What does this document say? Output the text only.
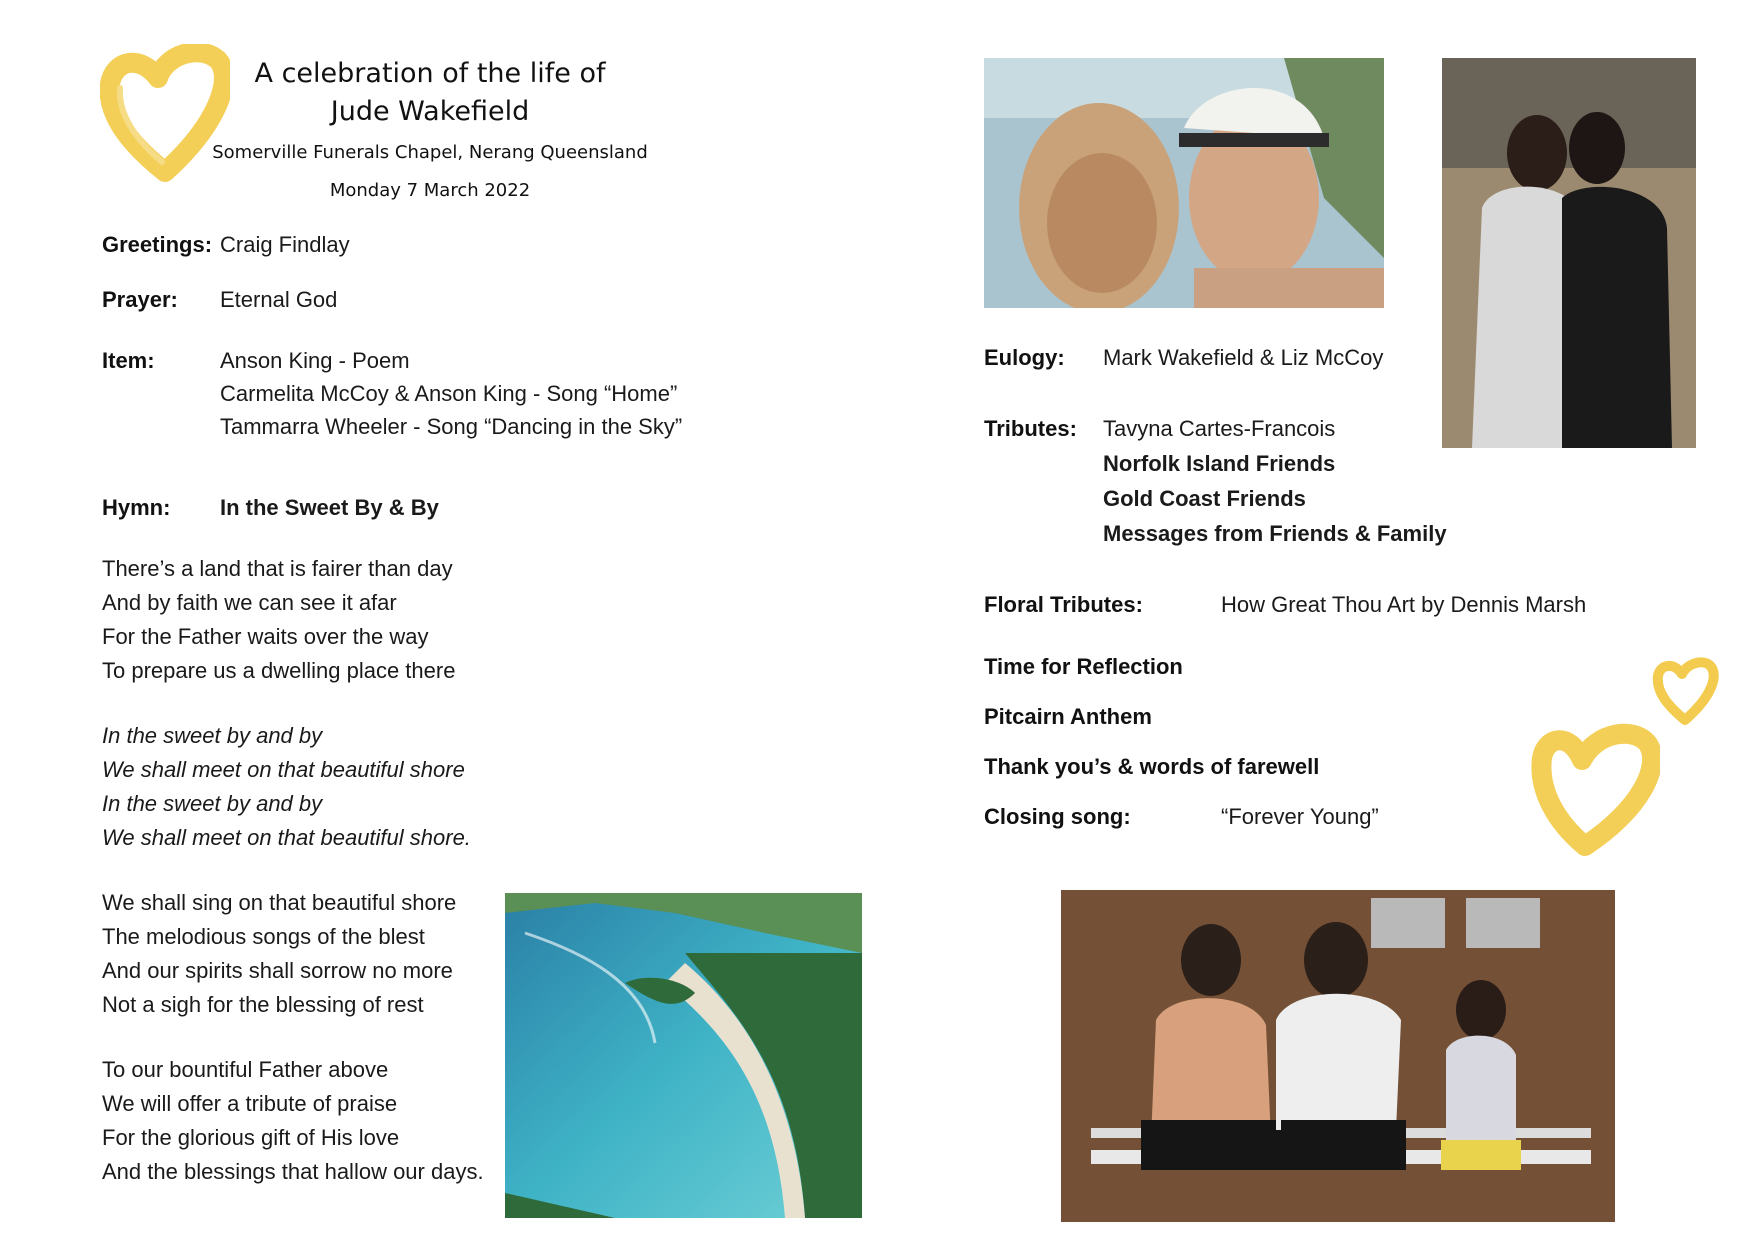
A celebration of the life of
Jude Wakefield
Somerville Funerals Chapel, Nerang Queensland
Monday 7 March 2022
Greetings: Craig Findlay
Prayer: Eternal God
Item:	Anson King - Poem
Carmelita McCoy & Anson King - Song “Home”
Tammarra Wheeler - Song “Dancing in the Sky”
Hymn: In the Sweet By & By
There’s a land that is fairer than day
And by faith we can see it afar
For the Father waits over the way
To prepare us a dwelling place there
In the sweet by and by
We shall meet on that beautiful shore
In the sweet by and by
We shall meet on that beautiful shore.
We shall sing on that beautiful shore
The melodious songs of the blest
And our spirits shall sorrow no more
Not a sigh for the blessing of rest
To our bountiful Father above
We will offer a tribute of praise
For the glorious gift of His love
And the blessings that hallow our days.
Eulogy: Mark Wakefield & Liz McCoy
Tributes: Tavyna Cartes-Francois
Norfolk Island Friends
Gold Coast Friends
Messages from Friends & Family
Floral Tributes:	How Great Thou Art by Dennis Marsh
Time for Reflection
Pitcairn Anthem
Thank you’s & words of farewell
Closing song:	“Forever Young”
